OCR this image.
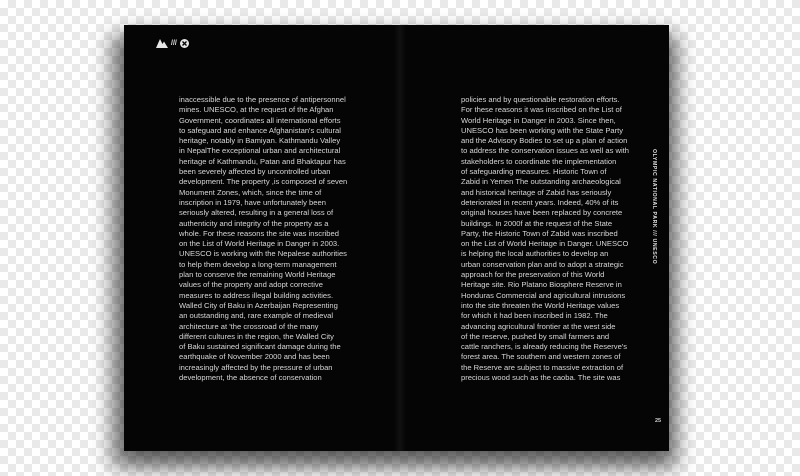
///
inaccessible due to the presence of antipersonnel
mines. UNESCO, at the request of the Afghan
Government, coordinates all international efforts
to safeguard and enhance Afghanistan's cultural
heritage, notably in Bamiyan. Kathmandu Valley
in NepalThe exceptional urban and architectural
heritage of Kathmandu, Patan and Bhaktapur has
been severely affected by uncontrolled urban
development. The property ,is composed of seven
Monument Zones, which, since the time of
inscription in 1979, have unfortunately been
seriously altered, resulting in a general loss of
authenticity and integrity of the property as a
whole. For these reasons the site was inscribed
on the List of World Heritage in Danger in 2003.
UNESCO is working with the Nepalese authorities
to help them develop a long-term management
plan to conserve the remaining World Heritage
values of the property and adopt corrective
measures to address illegal building activities.
Walled City of Baku in Azerbaijan Representing
an outstanding and, rare example of medieval
architecture at 'the crossroad of the many
different cultures in the region, the Walled City
of Baku sustained significant damage during the
earthquake of November 2000 and has been
increasingly affected by the pressure of urban
development, the absence of conservation
policies and by questionable restoration efforts.
For these reasons it was inscribed on the List of
World Heritage in Danger in 2003. Since then,
UNESCO has been working with the State Party
and the Advisory Bodies to set up a plan of action
to address the conservation issues as well as with
stakeholders to coordinate the implementation
of safeguarding measures. Historic Town of
Zabid in Yemen The outstanding archaeological
and historical heritage of Zabid has seriously
deteriorated in recent years. Indeed, 40% of its
original houses have been replaced by concrete
buildings. In 2000f at the request of the State
Party, the Historic Town of Zabid was inscribed
on the List of World Heritage in Danger. UNESCO
is helping the local authorities to develop an
urban conservation plan and to adopt a strategic
approach for the preservation of this World
Heritage site. Rio Platano Biosphere Reserve in
Honduras Commercial and agricultural intrusions
into the site threaten the World Heritage values
for which it had been inscribed in 1982. The
advancing agricultural frontier at the west side
of the reserve, pushed by small farmers and
cattle ranchers, is already reducing the Reserve's
forest area. The southern and western zones of
the Reserve are subject to massive extraction of
precious wood such as the caoba. The site was
OLYMPIC NATIONAL PARK /// UNESCO
25
